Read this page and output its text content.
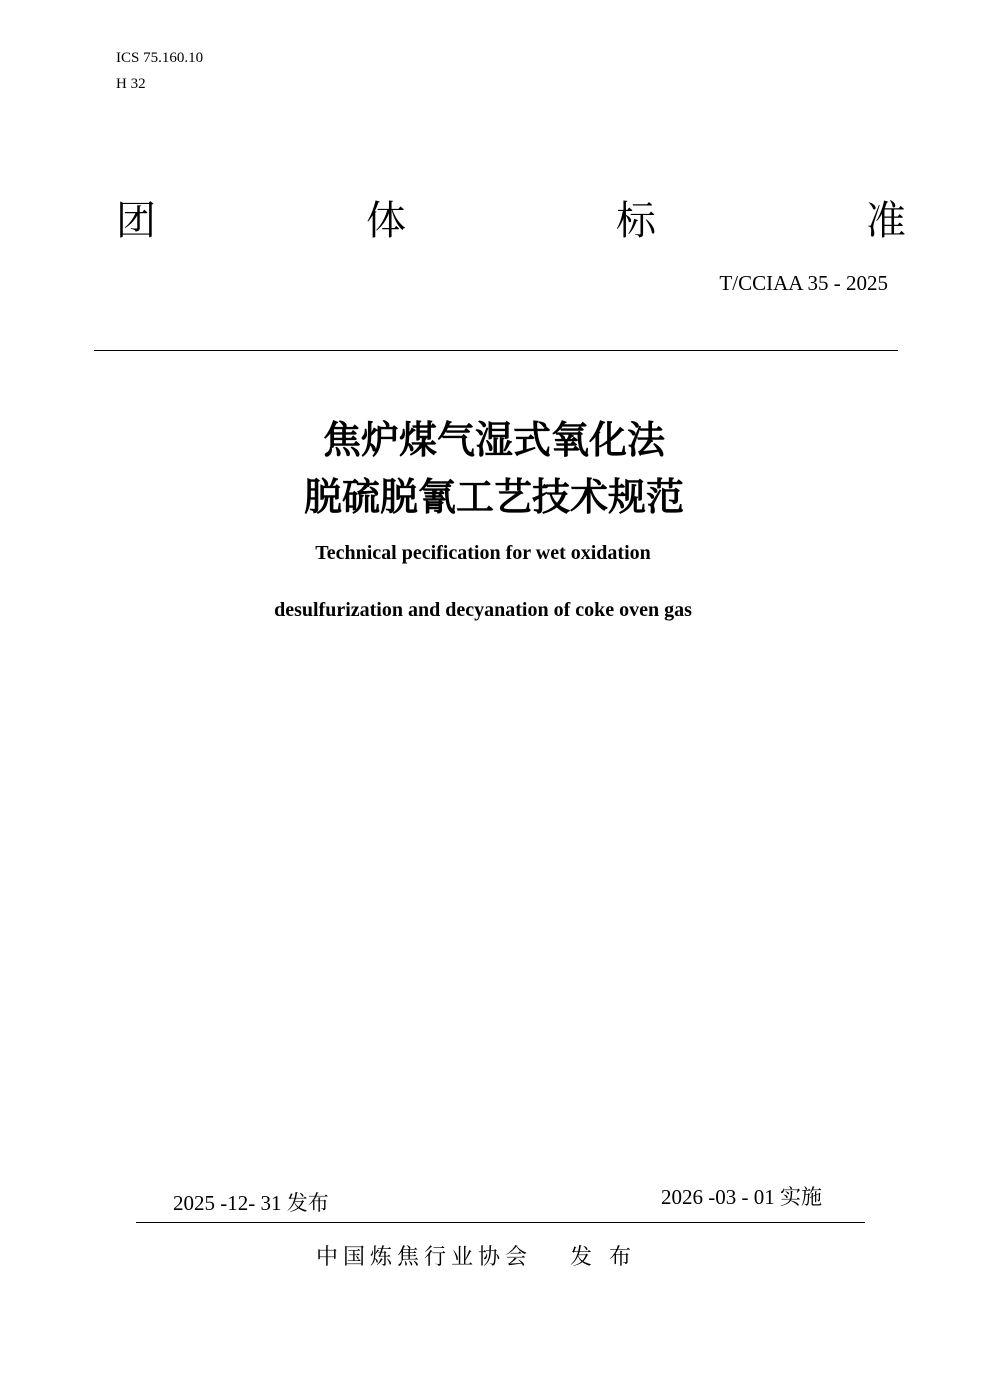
ICS 75.160.10
H 32
团	体	标	准
T/CCIAA 35 - 2025
焦炉煤气湿式氧化法
脱硫脱氰工艺技术规范
Technical pecification for wet oxidation
desulfurization and decyanation of coke oven gas
2025 -12- 31 发布	2026 -03 - 01 实施
中国炼焦行业协会 发 布
